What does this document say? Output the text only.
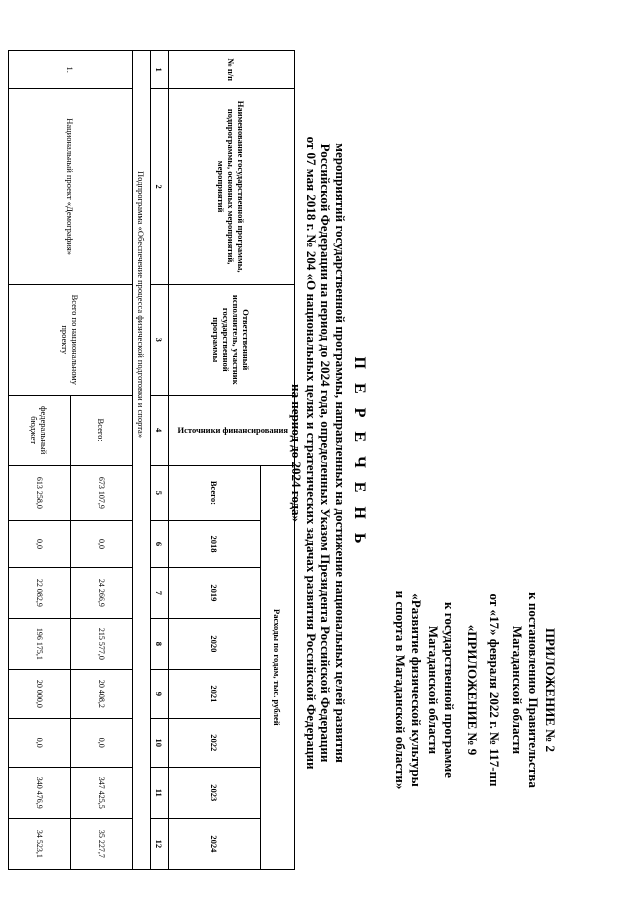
ПРИЛОЖЕНИЕ № 2
к постановлению Правительства
Магаданской области
от «17» февраля 2022 г. № 117-пп
«ПРИЛОЖЕНИЕ № 9
к государственной программе
Магаданской области
«Развитие физической культуры
и спорта в Магаданской области»
П Е Р Е Ч Е Н Ь
мероприятий государственной программы, направленных на достижение национальных целей развития
Российской Федерации на период до 2024 года, определенных Указом Президента Российской Федерации
от 07 мая 2018 г. № 204 «О национальных целях и стратегических задачах развития Российской Федерации
на период до 2024 года»
№ п/п	Наименование государственной программы, подпрограммы, основных мероприятий, мероприятий	Ответственный исполнитель, участник государственной программы	Источники финансирования	Расходы по годам, тыс. рублей							
				Всего:	2018	2019	2020	2021	2022	2023	2024
1	2	3	4	5	6	7	8	9	10	11	12
Подпрограмма «Обеспечение процесса физической подготовки и спорта»											
1.	Национальный проект «Демография»	Всего по национальному проекту	Всего:	673 107,9	0,0	24 266,9	215 577,0	20 408,2	0,0	347 425,5	35 227,7
			федеральный бюджет	613 258,0	0,0	22 082,9	196 175,1	20 000,0	0,0	340 476,9	34 523,1
